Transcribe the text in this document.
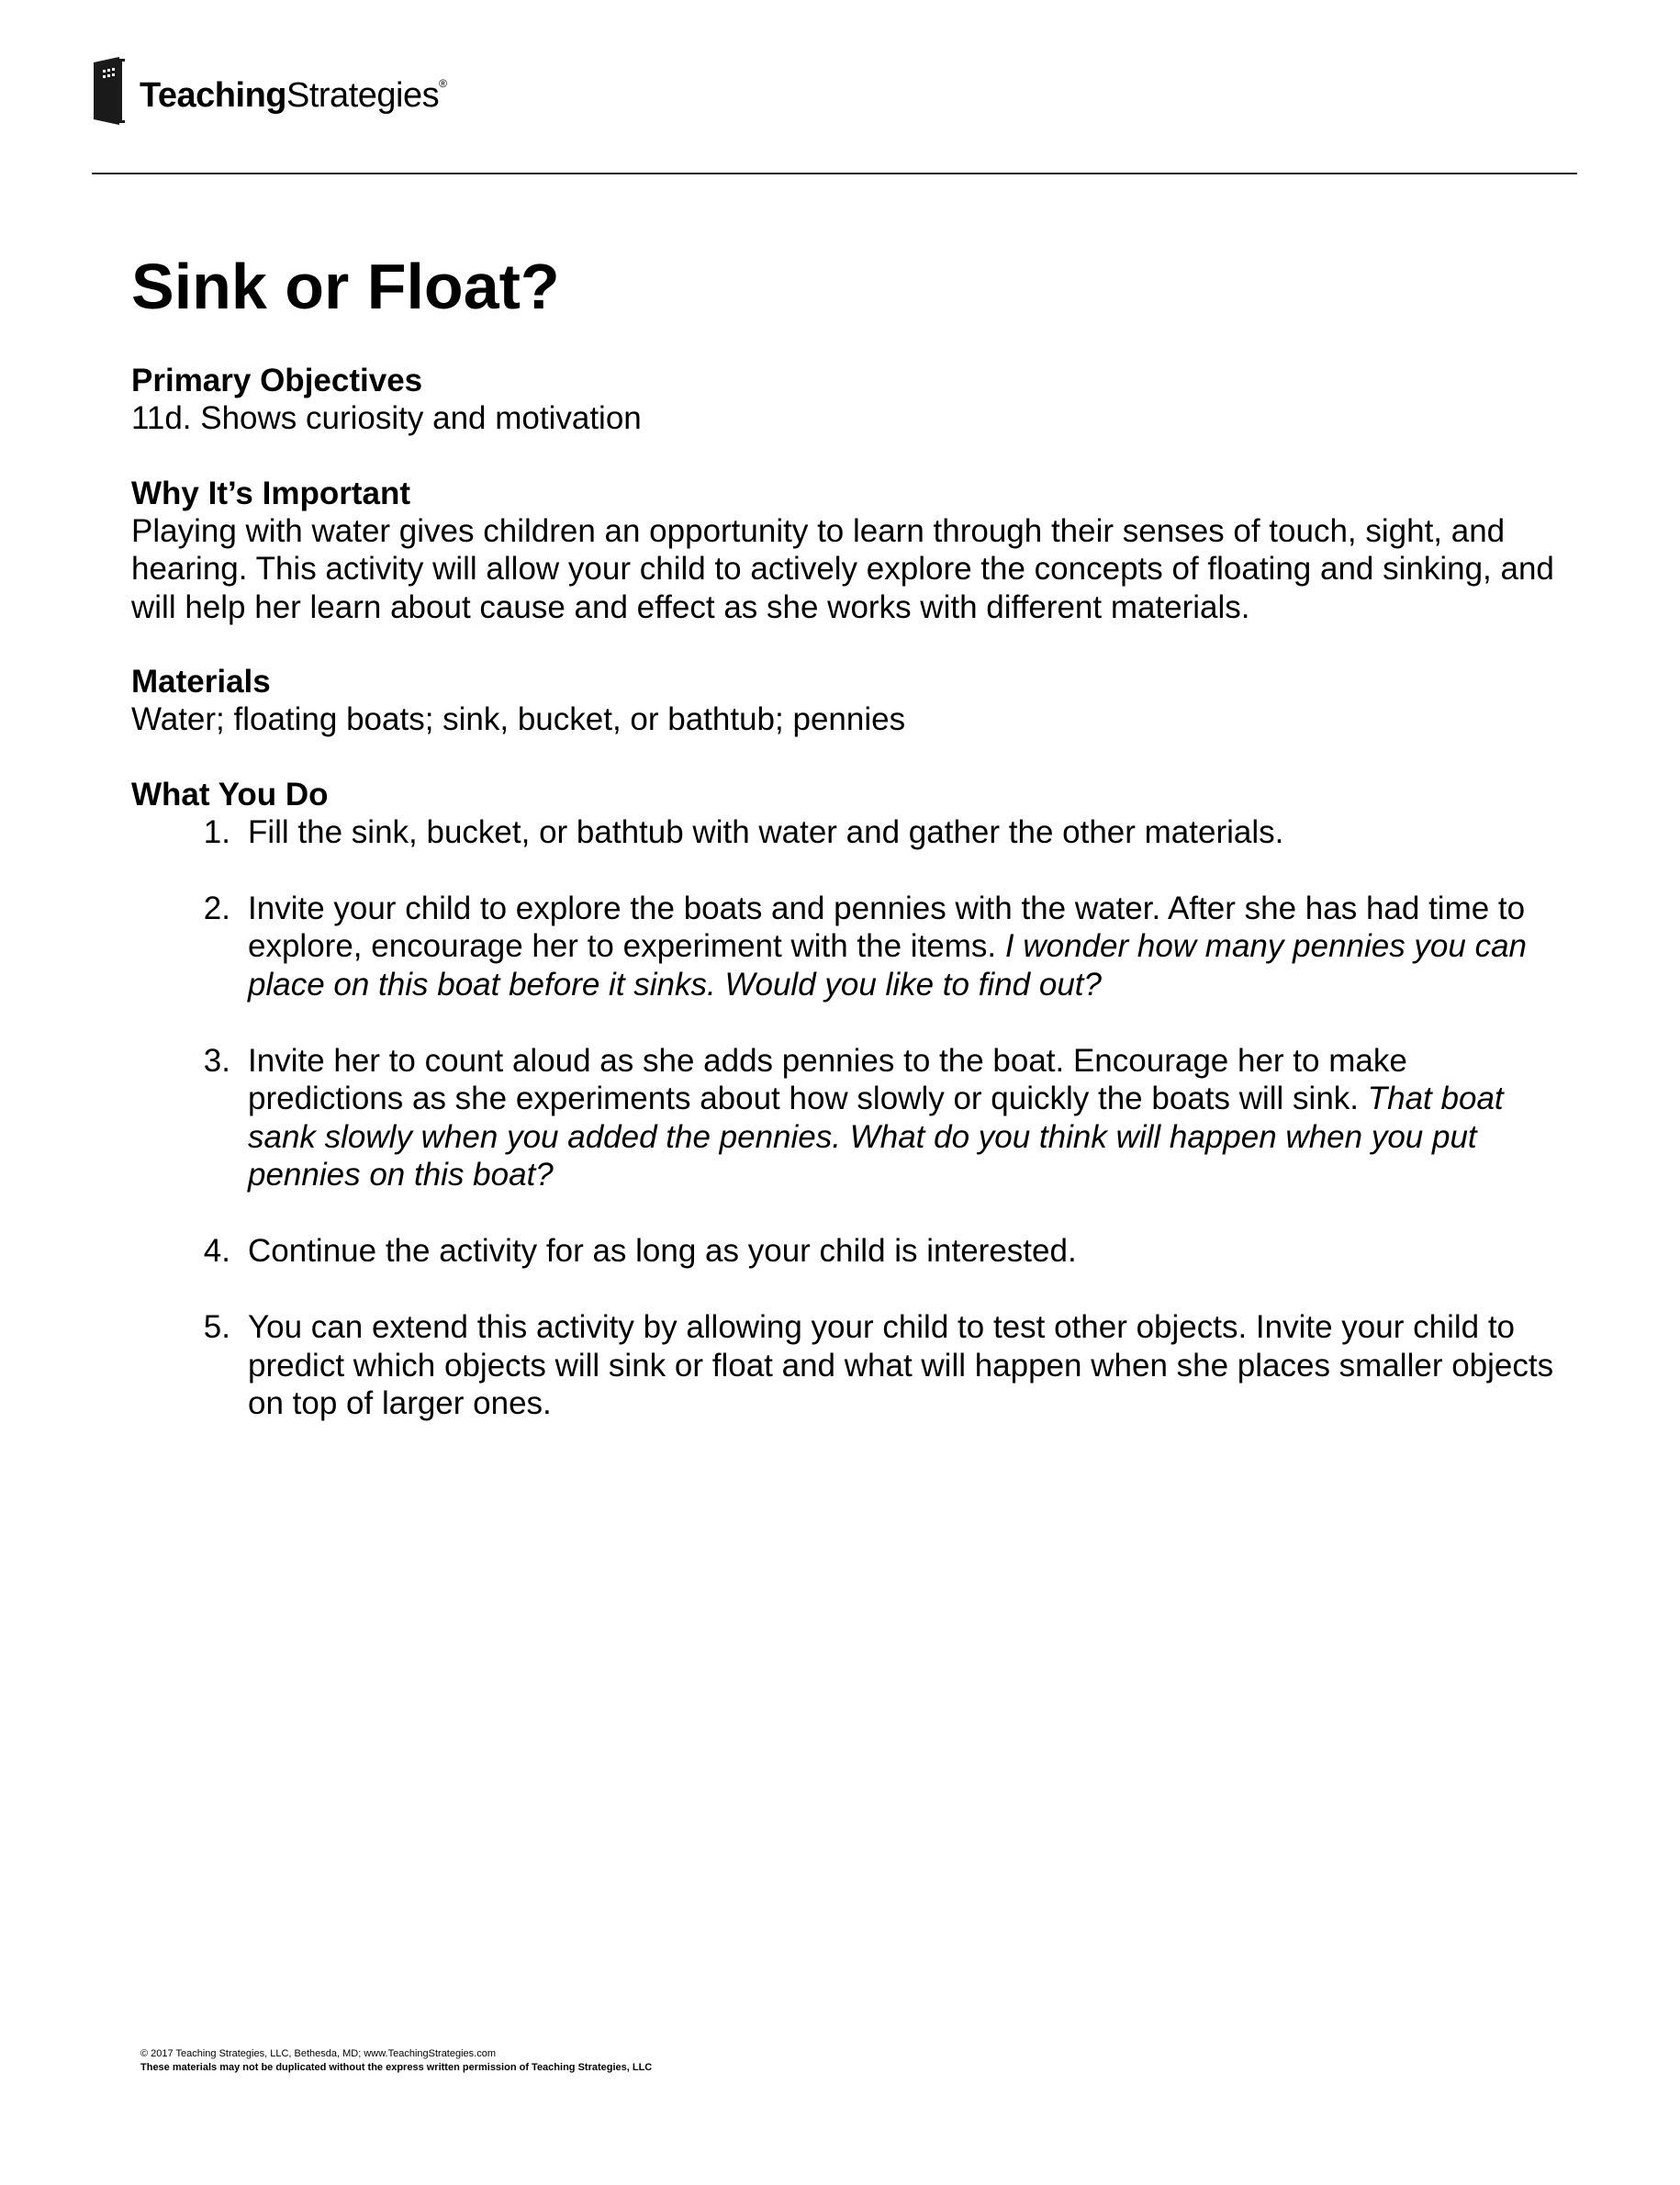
TeachingStrategies®
Sink or Float?

Primary Objectives

11d. Shows curiosity and motivation

Why It’s Important

Playing with water gives children an opportunity to learn through their senses of touch, sight, and hearing. This activity will allow your child to actively explore the concepts of floating and sinking, and will help her learn about cause and effect as she works with different materials.

Materials

Water; floating boats; sink, bucket, or bathtub; pennies

What You Do

1. Fill the sink, bucket, or bathtub with water and gather the other materials.
2. Invite your child to explore the boats and pennies with the water. After she has had time to explore, encourage her to experiment with the items. I wonder how many pennies you can place on this boat before it sinks. Would you like to find out?
3. Invite her to count aloud as she adds pennies to the boat. Encourage her to make predictions as she experiments about how slowly or quickly the boats will sink. That boat sank slowly when you added the pennies. What do you think will happen when you put pennies on this boat?
4. Continue the activity for as long as your child is interested.
5. You can extend this activity by allowing your child to test other objects. Invite your child to predict which objects will sink or float and what will happen when she places smaller objects on top of larger ones.
© 2017 Teaching Strategies, LLC, Bethesda, MD; www.TeachingStrategies.com
These materials may not be duplicated without the express written permission of Teaching Strategies, LLC
